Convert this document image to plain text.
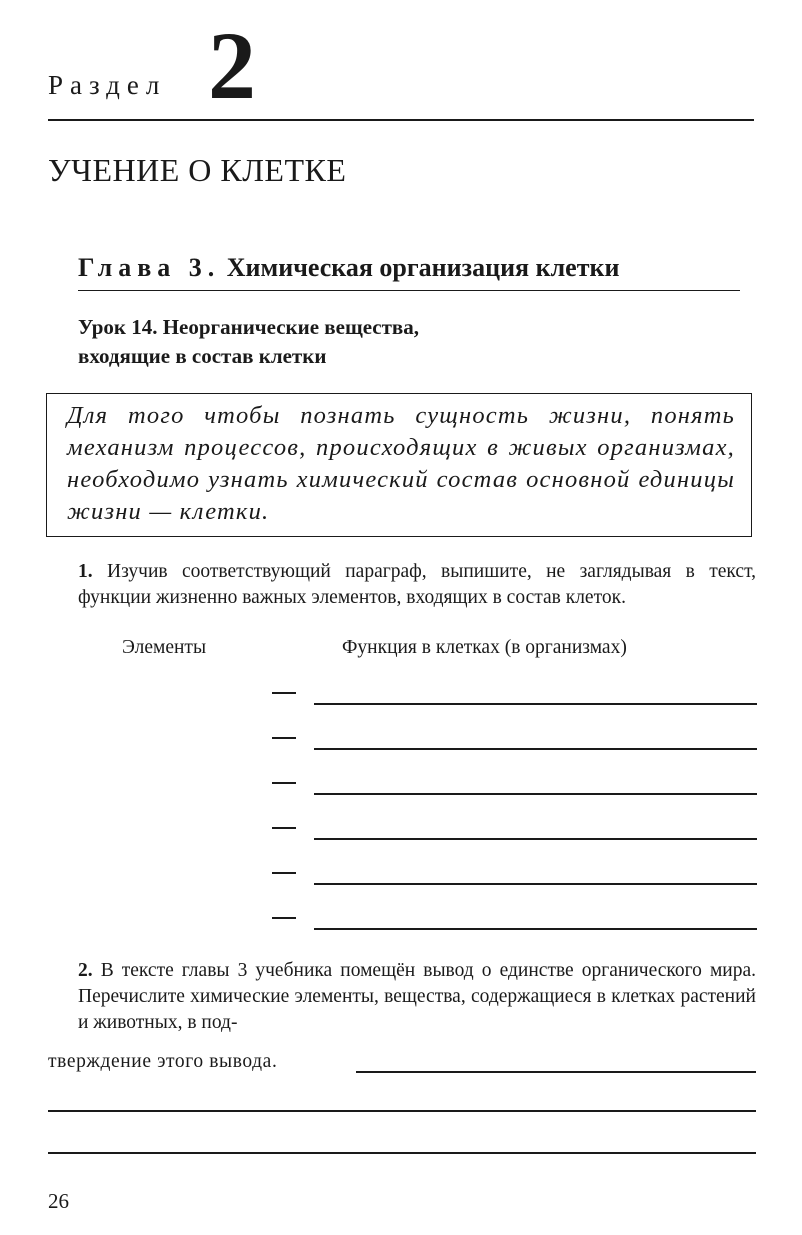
Раздел 2
УЧЕНИЕ О КЛЕТКЕ
Глава 3. Химическая организация клетки
Урок 14. Неорганические вещества,
входящие в состав клетки
Для того чтобы познать сущность жизни, понять механизм процессов, происходящих в живых организмах, необходимо узнать химический состав основной единицы жизни — клетки.
1. Изучив соответствующий параграф, выпишите, не заглядывая в текст, функции жизненно важных элементов, входящих в состав клеток.
Элементы	Функция в клетках (в организмах)
2. В тексте главы 3 учебника помещён вывод о единстве органического мира. Перечислите химические элементы, вещества, содержащиеся в клетках растений и животных, в под-
тверждение этого вывода.
26
